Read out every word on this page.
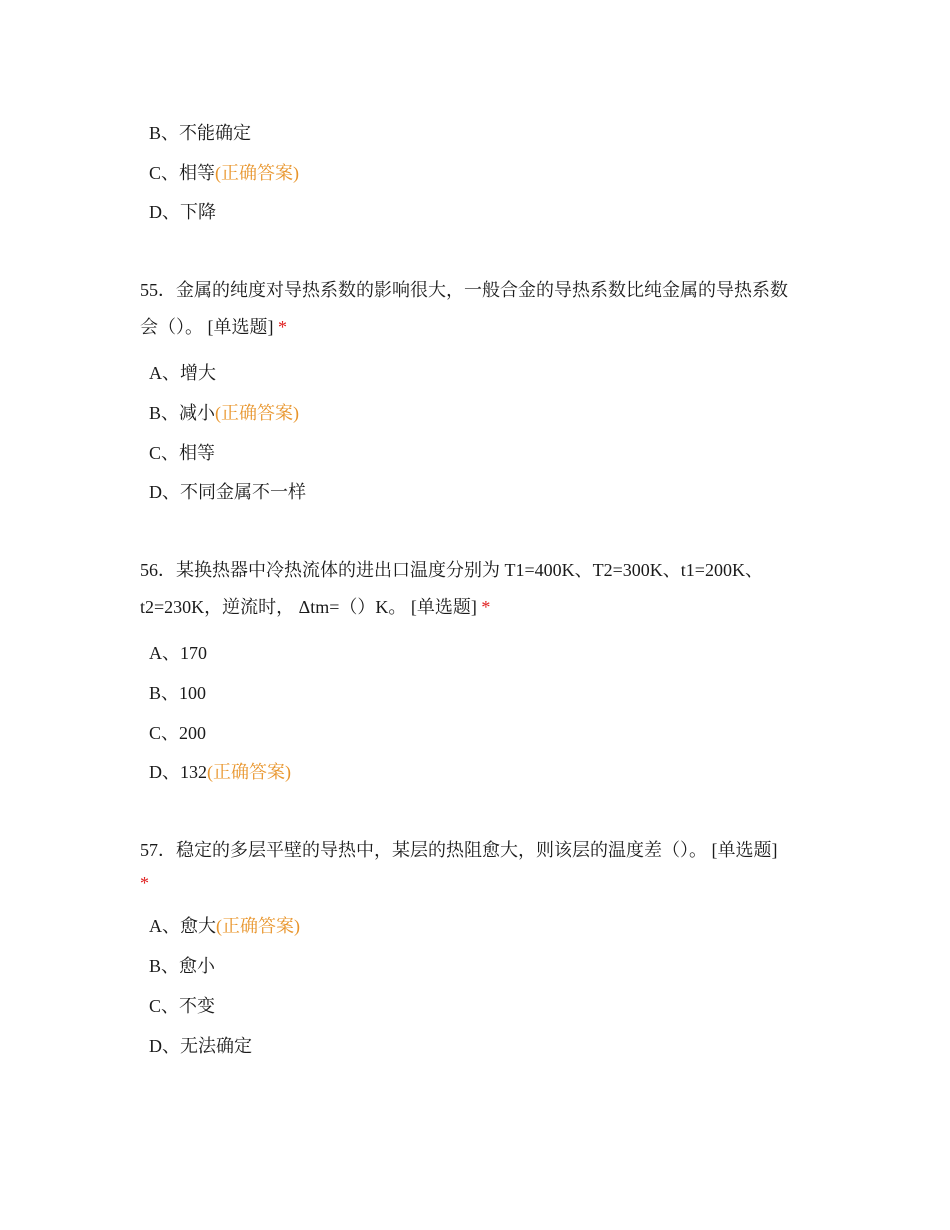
B、不能确定
C、相等(正确答案)
D、下降
55．金属的纯度对导热系数的影响很大，一般合金的导热系数比纯金属的导热系数
会（）。 [单选题] *
A、增大
B、减小(正确答案)
C、相等
D、不同金属不一样
56．某换热器中冷热流体的进出口温度分别为 T1=400K、T2=300K、t1=200K、
t2=230K，逆流时， Δtm=（）K。 [单选题] *
A、170
B、100
C、200
D、132(正确答案)
57．稳定的多层平壁的导热中，某层的热阻愈大，则该层的温度差（）。 [单选题]
*
A、愈大(正确答案)
B、愈小
C、不变
D、无法确定
